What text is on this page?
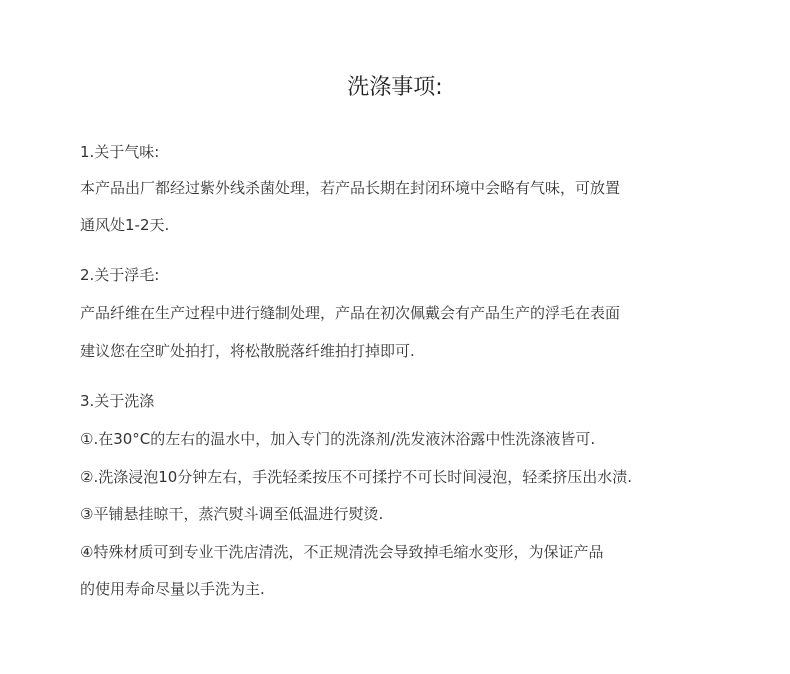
洗涤事项:
1.关于气味:
本产品出厂都经过紫外线杀菌处理，若产品长期在封闭环境中会略有气味，可放置
通风处1-2天.
2.关于浮毛:
产品纤维在生产过程中进行缝制处理，产品在初次佩戴会有产品生产的浮毛在表面
建议您在空旷处拍打，将松散脱落纤维拍打掉即可.
3.关于洗涤
①.在30°C的左右的温水中，加入专门的洗涤剂/洗发液沐浴露中性洗涤液皆可.
②.洗涤浸泡10分钟左右，手洗轻柔按压不可揉拧不可长时间浸泡，轻柔挤压出水渍.
③平铺悬挂晾干，蒸汽熨斗调至低温进行熨烫.
④特殊材质可到专业干洗店清洗，不正规清洗会导致掉毛缩水变形，为保证产品
的使用寿命尽量以手洗为主.
